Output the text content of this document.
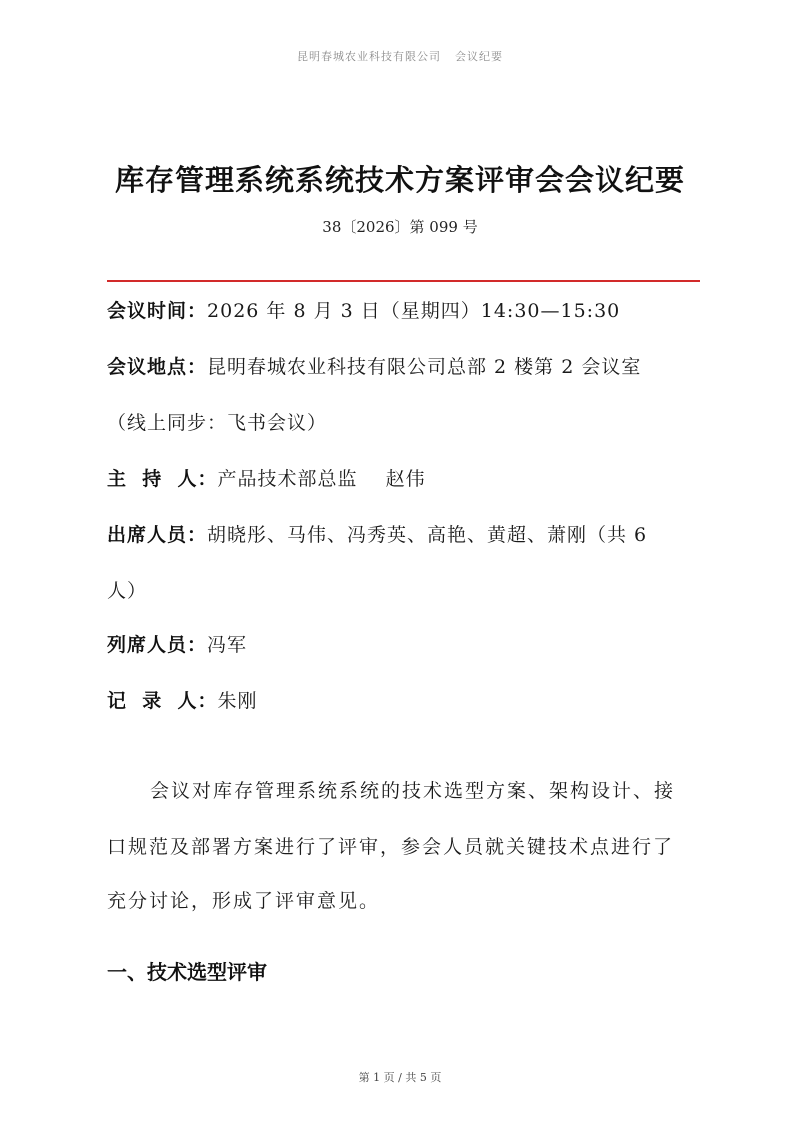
昆明春城农业科技有限公司 会议纪要
库存管理系统系统技术方案评审会会议纪要
38〔2026〕第 099 号
会议时间：2026 年 8 月 3 日（星期四）14:30—15:30
会议地点：昆明春城农业科技有限公司总部 2 楼第 2 会议室
（线上同步：飞书会议）
主  持  人：产品技术部总监    赵伟
出席人员：胡晓彤、马伟、冯秀英、高艳、黄超、萧刚（共 6
人）
列席人员：冯军
记  录  人：朱刚
会议对库存管理系统系统的技术选型方案、架构设计、接
口规范及部署方案进行了评审，参会人员就关键技术点进行了
充分讨论，形成了评审意见。
一、技术选型评审
第 1 页 / 共 5 页
